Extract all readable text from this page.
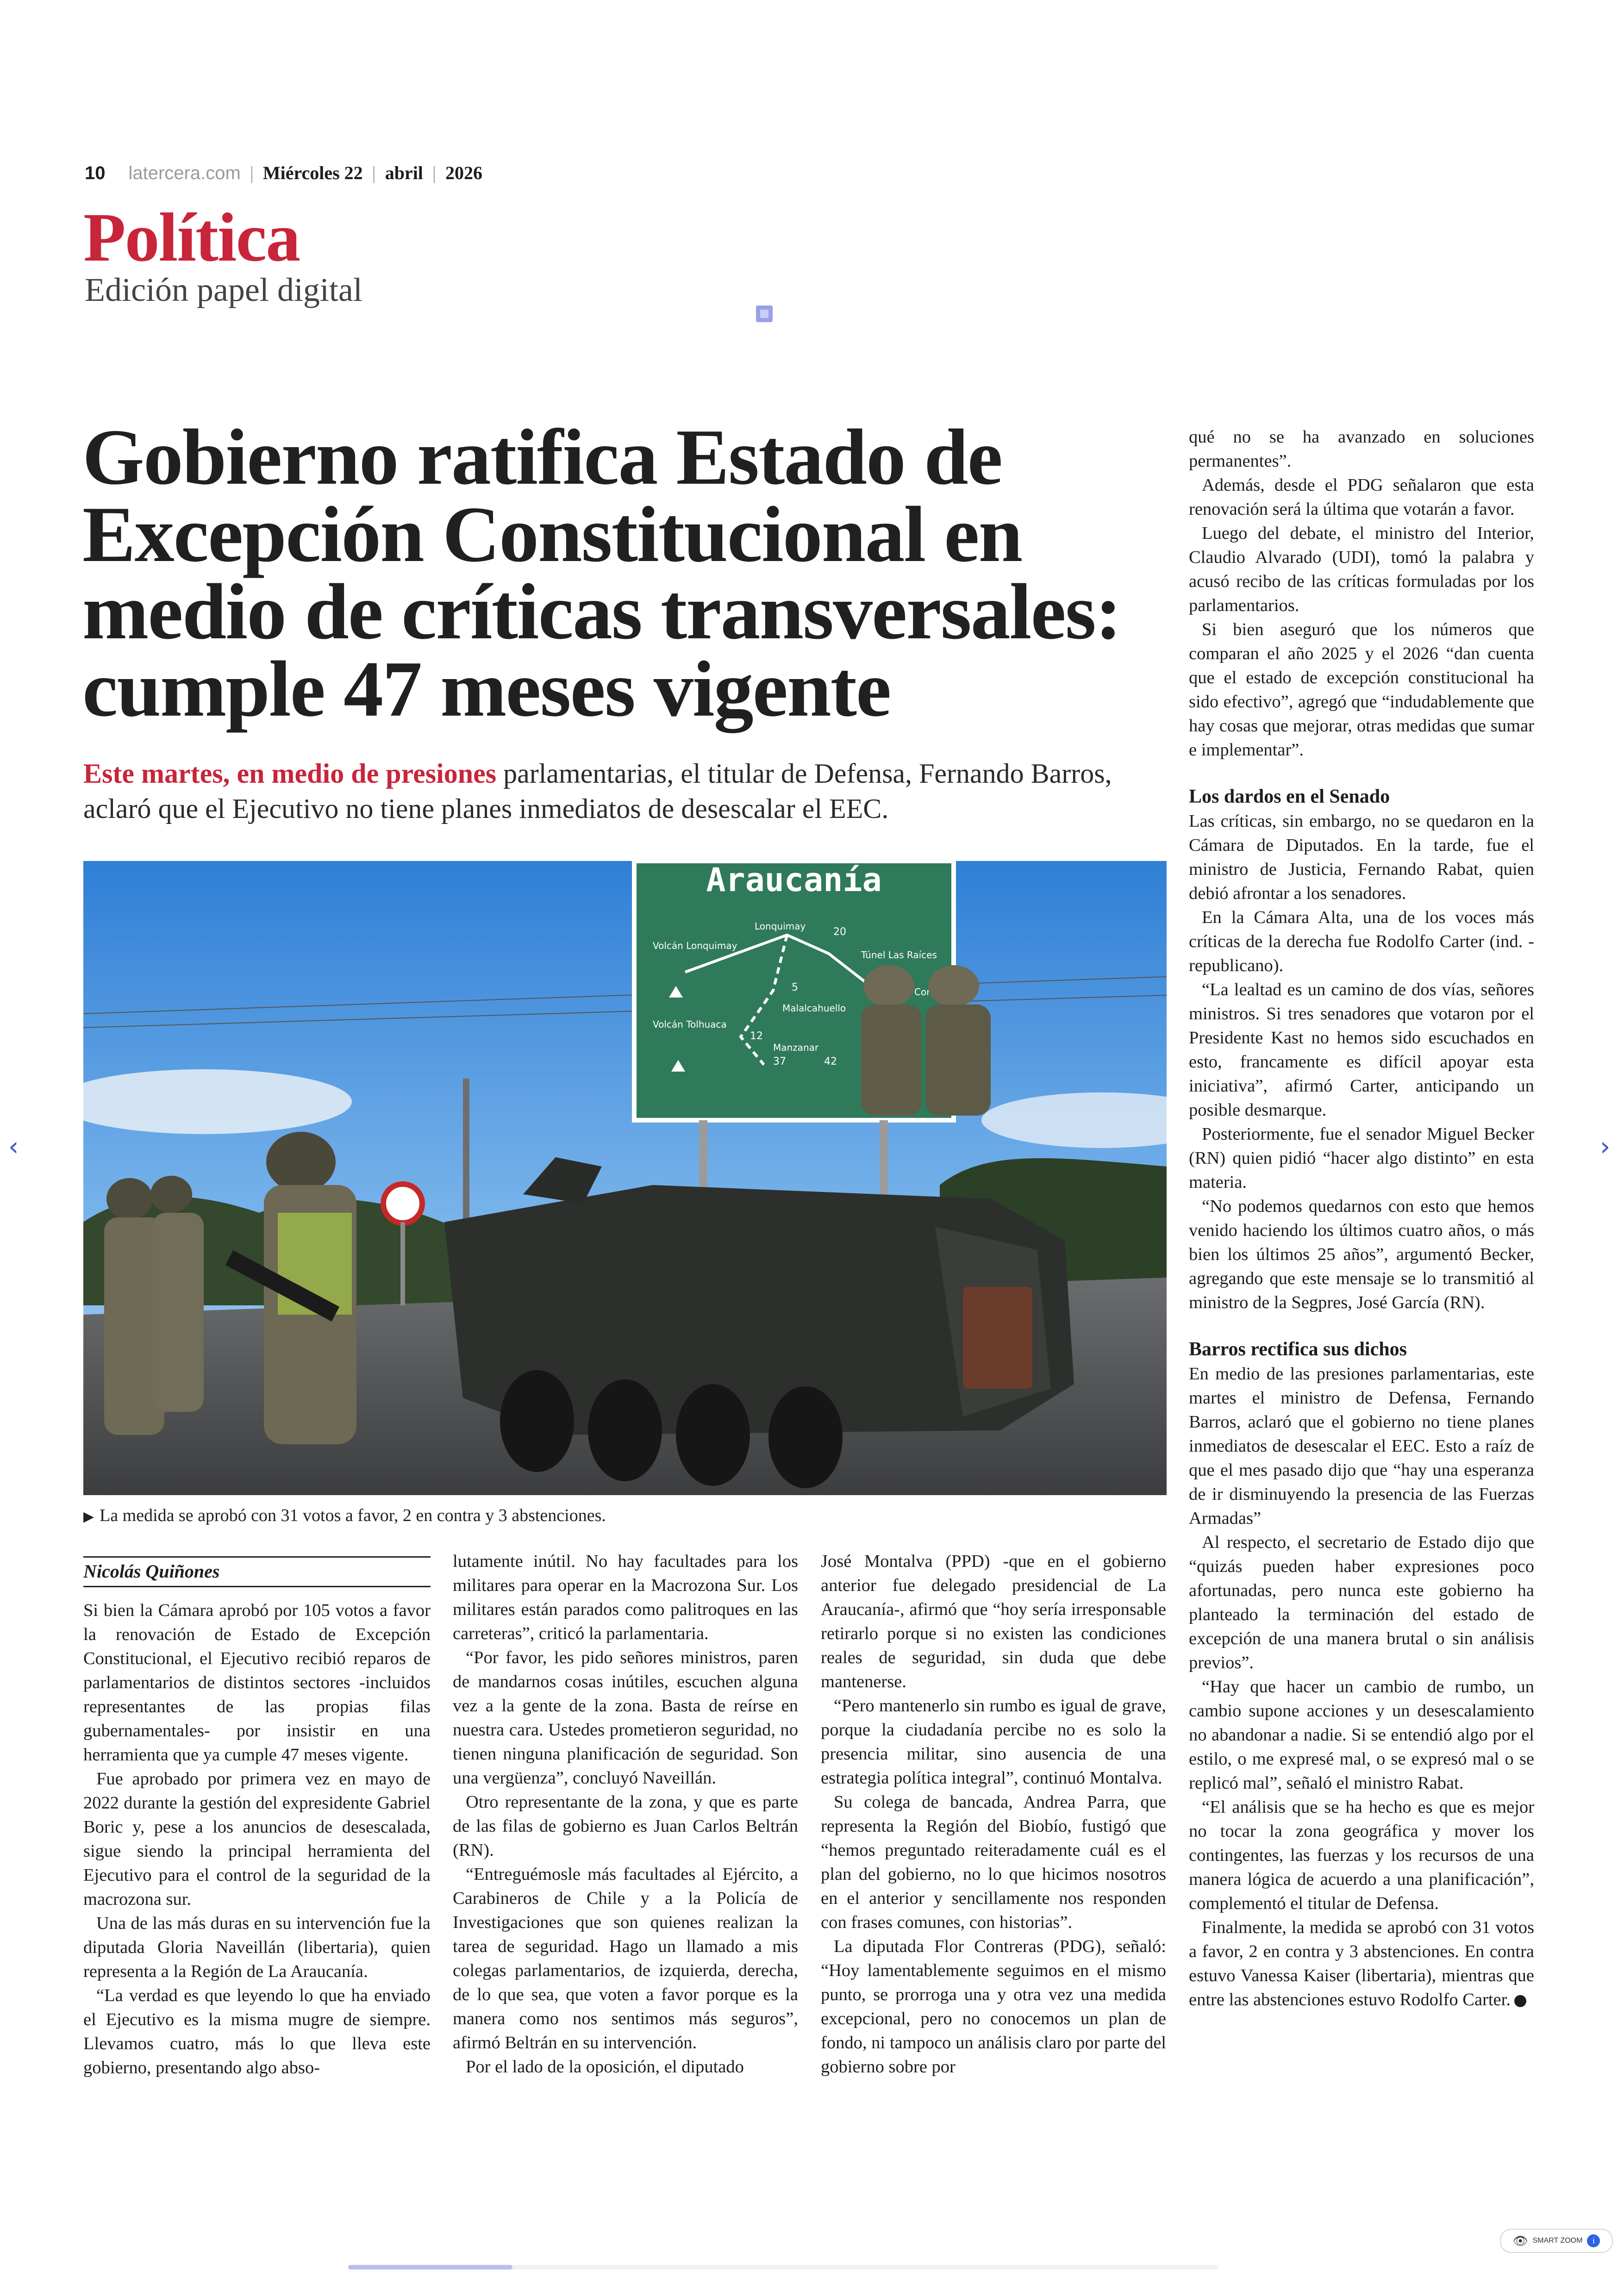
10 latercera.com | Miércoles 22 | abril | 2026
Política
Edición papel digital
Gobierno ratifica Estado de Excepción Constitucional en medio de críticas transversales: cumple 47 meses vigente
Este martes, en medio de presiones parlamentarias, el titular de Defensa, Fernando Barros, aclaró que el Ejecutivo no tiene planes inmediatos de desescalar el EEC.
Araucanía
Volcán Lonquimay
Lonquimay
Túnel Las Raíces
Con
Malalcahuello
Volcán Tolhuaca
Manzanar
20
5
12
37	42
▶ La medida se aprobó con 31 votos a favor, 2 en contra y 3 abstenciones.
Nicolás Quiñones

Si bien la Cámara aprobó por 105 votos a favor la renovación de Estado de Excepción Constitucional, el Ejecutivo recibió reparos de parlamentarios de distintos sectores -incluidos representantes de las propias filas gubernamentales- por insistir en una herramienta que ya cumple 47 meses vigente.

Fue aprobado por primera vez en mayo de 2022 durante la gestión del expresidente Gabriel Boric y, pese a los anuncios de desescalada, sigue siendo la principal herramienta del Ejecutivo para el control de la seguridad de la macrozona sur.

Una de las más duras en su intervención fue la diputada Gloria Naveillán (libertaria), quien representa a la Región de La Araucanía.

“La verdad es que leyendo lo que ha enviado el Ejecutivo es la misma mugre de siempre. Llevamos cuatro, más lo que lleva este gobierno, presentando algo abso-

lutamente inútil. No hay facultades para los militares para operar en la Macrozona Sur. Los militares están parados como palitroques en las carreteras”, criticó la parlamentaria.

“Por favor, les pido señores ministros, paren de mandarnos cosas inútiles, escuchen alguna vez a la gente de la zona. Basta de reírse en nuestra cara. Ustedes prometieron seguridad, no tienen ninguna planificación de seguridad. Son una vergüenza”, concluyó Naveillán.

Otro representante de la zona, y que es parte de las filas de gobierno es Juan Carlos Beltrán (RN).

“Entreguémosle más facultades al Ejército, a Carabineros de Chile y a la Policía de Investigaciones que son quienes realizan la tarea de seguridad. Hago un llamado a mis colegas parlamentarios, de izquierda, derecha, de lo que sea, que voten a favor porque es la manera como nos sentimos más seguros”, afirmó Beltrán en su intervención.

Por el lado de la oposición, el diputado

José Montalva (PPD) -que en el gobierno anterior fue delegado presidencial de La Araucanía-, afirmó que “hoy sería irresponsable retirarlo porque si no existen las condiciones reales de seguridad, sin duda que debe mantenerse.

“Pero mantenerlo sin rumbo es igual de grave, porque la ciudadanía percibe no es solo la presencia militar, sino ausencia de una estrategia política integral”, continuó Montalva.

Su colega de bancada, Andrea Parra, que representa la Región del Biobío, fustigó que “hemos preguntado reiteradamente cuál es el plan del gobierno, no lo que hicimos nosotros en el anterior y sencillamente nos responden con frases comunes, con historias”.

La diputada Flor Contreras (PDG), señaló: “Hoy lamentablemente seguimos en el mismo punto, se prorroga una y otra vez una medida excepcional, pero no conocemos un plan de fondo, ni tampoco un análisis claro por parte del gobierno sobre por

qué no se ha avanzado en soluciones permanentes”.

Además, desde el PDG señalaron que esta renovación será la última que votarán a favor.

Luego del debate, el ministro del Interior, Claudio Alvarado (UDI), tomó la palabra y acusó recibo de las críticas formuladas por los parlamentarios.

Si bien aseguró que los números que comparan el año 2025 y el 2026 “dan cuenta que el estado de excepción constitucional ha sido efectivo”, agregó que “indudablemente que hay cosas que mejorar, otras medidas que sumar e implementar”.

Los dardos en el Senado

Las críticas, sin embargo, no se quedaron en la Cámara de Diputados. En la tarde, fue el ministro de Justicia, Fernando Rabat, quien debió afrontar a los senadores.

En la Cámara Alta, una de los voces más críticas de la derecha fue Rodolfo Carter (ind. -republicano).

“La lealtad es un camino de dos vías, señores ministros. Si tres senadores que votaron por el Presidente Kast no hemos sido escuchados en esto, francamente es difícil apoyar esta iniciativa”, afirmó Carter, anticipando un posible desmarque.

Posteriormente, fue el senador Miguel Becker (RN) quien pidió “hacer algo distinto” en esta materia.

“No podemos quedarnos con esto que hemos venido haciendo los últimos cuatro años, o más bien los últimos 25 años”, argumentó Becker, agregando que este mensaje se lo transmitió al ministro de la Segpres, José García (RN).

Barros rectifica sus dichos

En medio de las presiones parlamentarias, este martes el ministro de Defensa, Fernando Barros, aclaró que el gobierno no tiene planes inmediatos de desescalar el EEC. Esto a raíz de que el mes pasado dijo que “hay una esperanza de ir disminuyendo la presencia de las Fuerzas Armadas”

Al respecto, el secretario de Estado dijo que “quizás pueden haber expresiones poco afortunadas, pero nunca este gobierno ha planteado la terminación del estado de excepción de una manera brutal o sin análisis previos”.

“Hay que hacer un cambio de rumbo, un cambio supone acciones y un desescalamiento no abandonar a nadie. Si se entendió algo por el estilo, o me expresé mal, o se expresó mal o se replicó mal”, señaló el ministro Rabat.

“El análisis que se ha hecho es que es mejor no tocar la zona geográfica y mover los contingentes, las fuerzas y los recursos de una manera lógica de acuerdo a una planificación”, complementó el titular de Defensa.

Finalmente, la medida se aprobó con 31 votos a favor, 2 en contra y 3 abstenciones. En contra estuvo Vanessa Kaiser (libertaria), mientras que entre las abstenciones estuvo Rodolfo Carter.

‹	›
👁 SMART ZOOM	i
